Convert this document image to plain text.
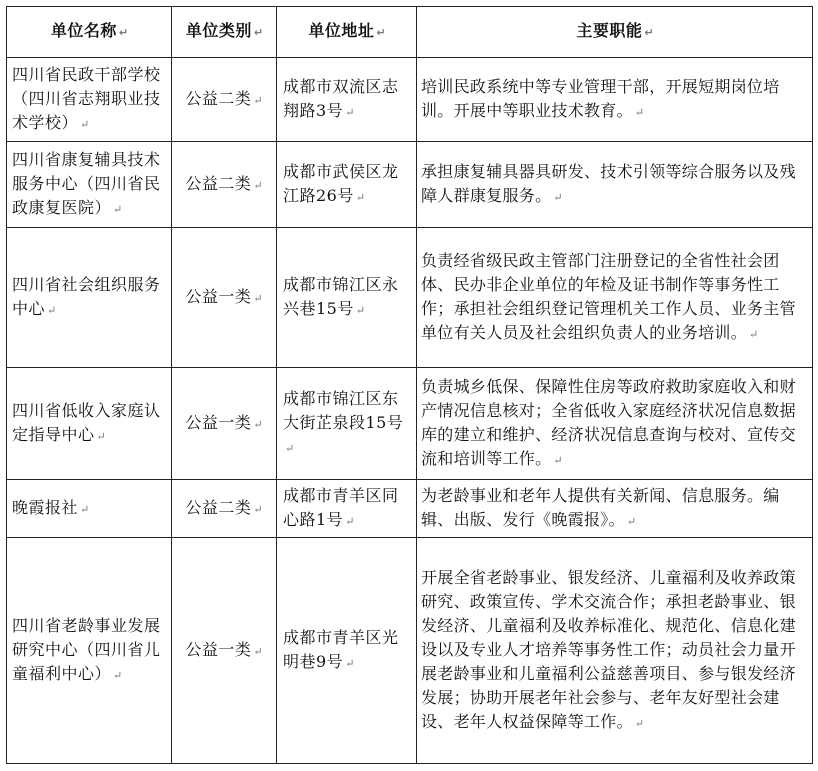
单位名称 ↵	单位类别 ↵	单位地址 ↵	主要职能 ↵
四川省民政干部学校（四川省志翔职业技术学校） ↵	公益二类 ↵	成都市双流区志翔路3号 ↵	培训民政系统中等专业管理干部，开展短期岗位培训。开展中等职业技术教育。 ↵
四川省康复辅具技术服务中心（四川省民政康复医院） ↵	公益二类 ↵	成都市武侯区龙江路26号 ↵	承担康复辅具器具研发、技术引领等综合服务以及残障人群康复服务。 ↵
四川省社会组织服务中心 ↵	公益一类 ↵	成都市锦江区永兴巷15号 ↵	负责经省级民政主管部门注册登记的全省性社会团体、民办非企业单位的年检及证书制作等事务性工作；承担社会组织登记管理机关工作人员、业务主管单位有关人员及社会组织负责人的业务培训。 ↵
四川省低收入家庭认定指导中心 ↵	公益一类 ↵	成都市锦江区东大街芷泉段15号↵	负责城乡低保、保障性住房等政府救助家庭收入和财产情况信息核对；全省低收入家庭经济状况信息数据库的建立和维护、经济状况信息查询与校对、宣传交流和培训等工作。 ↵
晚霞报社 ↵	公益二类 ↵	成都市青羊区同心路1号 ↵	为老龄事业和老年人提供有关新闻、信息服务。编辑、出版、发行《晚霞报》。 ↵
四川省老龄事业发展研究中心（四川省儿童福利中心） ↵	公益一类 ↵	成都市青羊区光明巷9号 ↵	开展全省老龄事业、银发经济、儿童福利及收养政策研究、政策宣传、学术交流合作；承担老龄事业、银发经济、儿童福利及收养标准化、规范化、信息化建设以及专业人才培养等事务性工作；动员社会力量开展老龄事业和儿童福利公益慈善项目、参与银发经济发展；协助开展老年社会参与、老年友好型社会建设、老年人权益保障等工作。 ↵
